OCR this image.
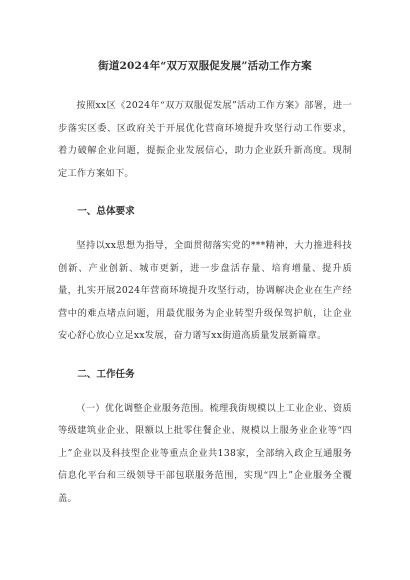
街道2024年“双万双服促发展”活动工作方案

按照xx区《2024年“双万双服促发展”活动工作方案》部署，进一步落实区委、区政府关于开展优化营商环境提升攻坚行动工作要求，着力破解企业问题，提振企业发展信心，助力企业跃升新高度。现制定工作方案如下。

一、总体要求

坚持以xx思想为指导，全面贯彻落实党的***精神，大力推进科技创新、产业创新、城市更新，进一步盘活存量、培育增量、提升质量，扎实开展2024年营商环境提升攻坚行动，协调解决企业在生产经营中的难点堵点问题，用最优服务为企业转型升级保驾护航，让企业安心舒心放心立足xx发展，奋力谱写xx街道高质量发展新篇章。

二、工作任务

（一）优化调整企业服务范围。梳理我街规模以上工业企业、资质等级建筑业企业、限额以上批零住餐企业、规模以上服务业企业等“四上”企业以及科技型企业等重点企业共138家，全部纳入政企互通服务信息化平台和三级领导干部包联服务范围，实现“四上”企业服务全覆盖。
